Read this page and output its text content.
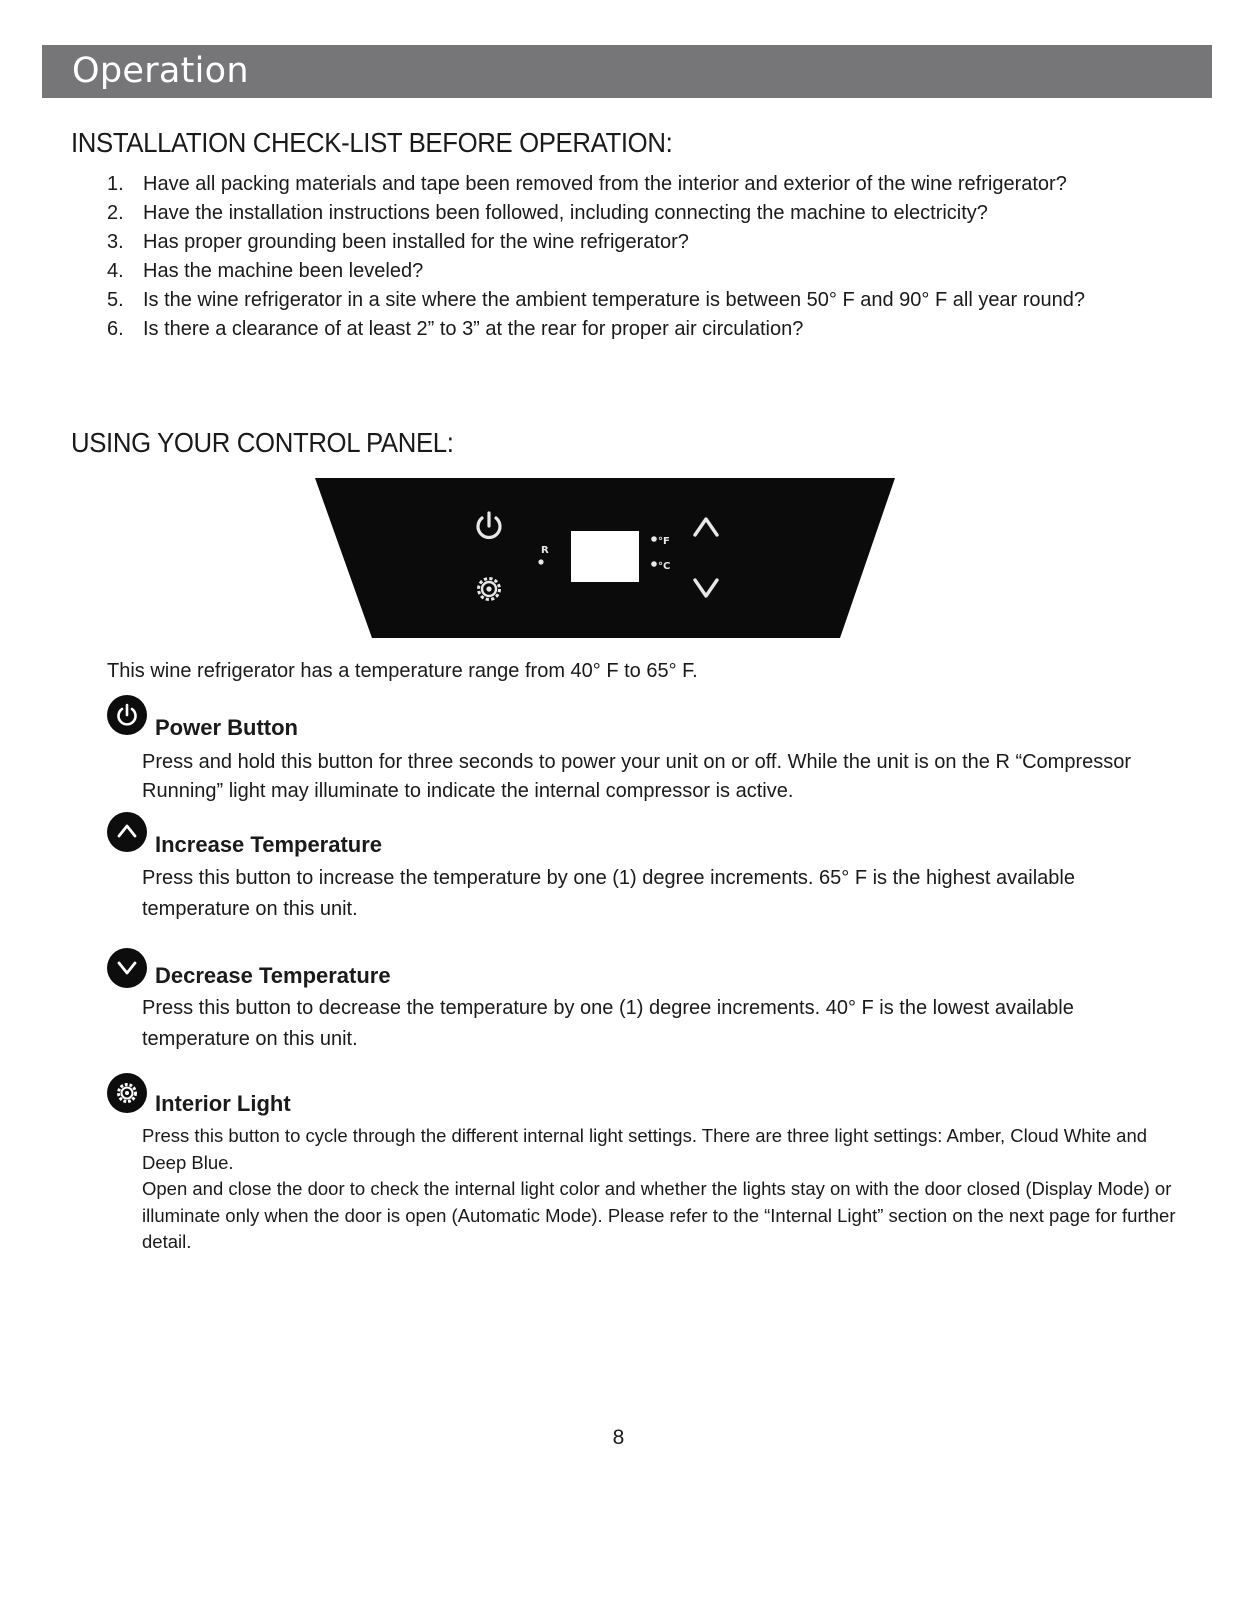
Operation
INSTALLATION CHECK-LIST BEFORE OPERATION:
1. Have all packing materials and tape been removed from the interior and exterior of the wine refrigerator?
2. Have the installation instructions been followed, including connecting the machine to electricity?
3. Has proper grounding been installed for the wine refrigerator?
4. Has the machine been leveled?
5. Is the wine refrigerator in a site where the ambient temperature is between 50° F and 90° F all year round?
6. Is there a clearance of at least 2” to 3” at the rear for proper air circulation?
USING YOUR CONTROL PANEL:
R
°F
°C
This wine refrigerator has a temperature range from 40° F to 65° F.
Power Button
Press and hold this button for three seconds to power your unit on or off. While the unit is on the R “Compressor Running” light may illuminate to indicate the internal compressor is active.
Increase Temperature
Press this button to increase the temperature by one (1) degree increments. 65° F is the highest available temperature on this unit.
Decrease Temperature
Press this button to decrease the temperature by one (1) degree increments. 40° F is the lowest available temperature on this unit.
Interior Light

Press this button to cycle through the different internal light settings. There are three light settings: Amber, Cloud White and Deep Blue.

Open and close the door to check the internal light color and whether the lights stay on with the door closed (Display Mode) or illuminate only when the door is open (Automatic Mode). Please refer to the “Internal Light” section on the next page for further detail.

8
